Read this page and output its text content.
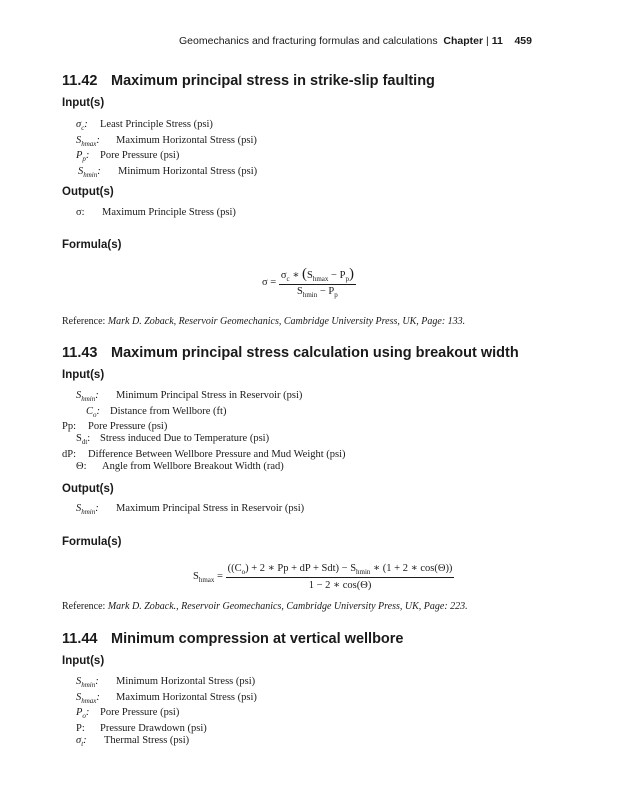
Geomechanics and fracturing formulas and calculations Chapter | 11 459
11.42 Maximum principal stress in strike-slip faulting
Input(s)
$\sigma_c$: Least Principle Stress (psi)
$S_{hmax}$: Maximum Horizontal Stress (psi)
$P_p$: Pore Pressure (psi)
$S_{hmin}$: Minimum Horizontal Stress (psi)
Output(s)
σ: Maximum Principle Stress (psi)
Formula(s)
$\sigma = \frac{\sigma_c ∗ (S_{hmax} - P_p)}{S_{hmin} - P_p}$
Reference: Mark D. Zoback, Reservoir Geomechanics, Cambridge University Press, UK, Page: 133.
11.43 Maximum principal stress calculation using breakout width
Input(s)
$S_{hmin}$: Minimum Principal Stress in Reservoir (psi)
$C_o$: Distance from Wellbore (ft)
Pp: Pore Pressure (psi)
$S_{dt}$: Stress induced Due to Temperature (psi)
dP: Difference Between Wellbore Pressure and Mud Weight (psi)
Θ: Angle from Wellbore Breakout Width (rad)
Output(s)
$S_{hmin}$: Maximum Principal Stress in Reservoir (psi)
Formula(s)
$S_{hmax} = \frac{((C_o) + 2 ∗ Pp + dP + Sdt) - S_{hmin} ∗ (1 + 2 ∗ \cos(\Theta))}{1 - 2 ∗ \cos(\Theta)}$
Reference: Mark D. Zoback., Reservoir Geomechanics, Cambridge University Press, UK, Page: 223.
11.44 Minimum compression at vertical wellbore
Input(s)
$S_{hmin}$: Minimum Horizontal Stress (psi)
$S_{hmax}$: Maximum Horizontal Stress (psi)
$P_o$: Pore Pressure (psi)
P: Pressure Drawdown (psi)
$\sigma_t$: Thermal Stress (psi)
